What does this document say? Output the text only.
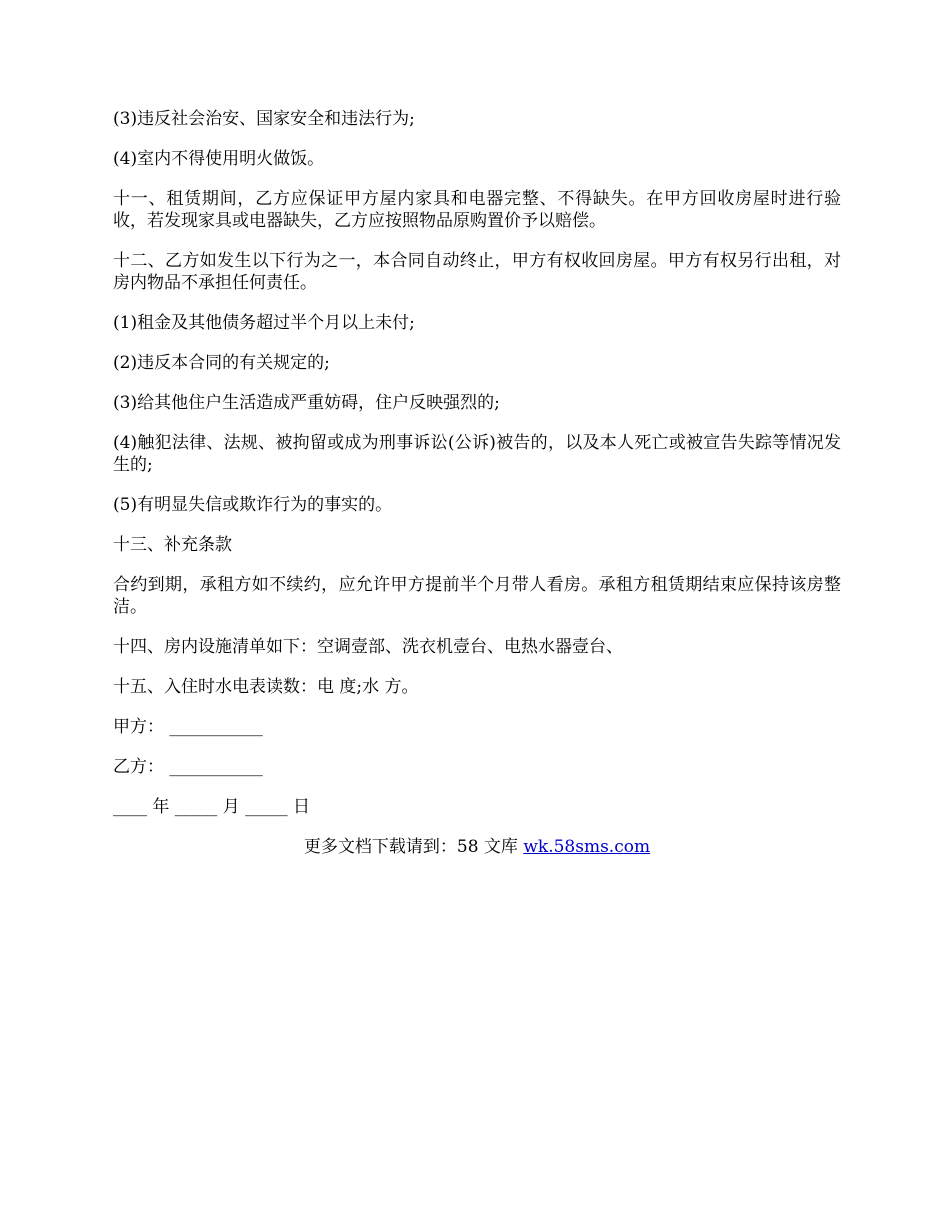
(3)违反社会治安、国家安全和违法行为;

(4)室内不得使用明火做饭。

十一、租赁期间，乙方应保证甲方屋内家具和电器完整、不得缺失。在甲方回收房屋时进行验收，若发现家具或电器缺失，乙方应按照物品原购置价予以赔偿。

十二、乙方如发生以下行为之一，本合同自动终止，甲方有权收回房屋。甲方有权另行出租，对房内物品不承担任何责任。

(1)租金及其他债务超过半个月以上未付;

(2)违反本合同的有关规定的;

(3)给其他住户生活造成严重妨碍，住户反映强烈的;

(4)触犯法律、法规、被拘留或成为刑事诉讼(公诉)被告的，以及本人死亡或被宣告失踪等情况发生的;

(5)有明显失信或欺诈行为的事实的。

十三、补充条款

合约到期，承租方如不续约，应允许甲方提前半个月带人看房。承租方租赁期结束应保持该房整洁。

十四、房内设施清单如下：空调壹部、洗衣机壹台、电热水器壹台、

十五、入住时水电表读数：电 度;水 方。

甲方： ___________

乙方： ___________

____ 年 _____ 月 _____ 日

更多文档下载请到：58 文库 wk.58sms.com
